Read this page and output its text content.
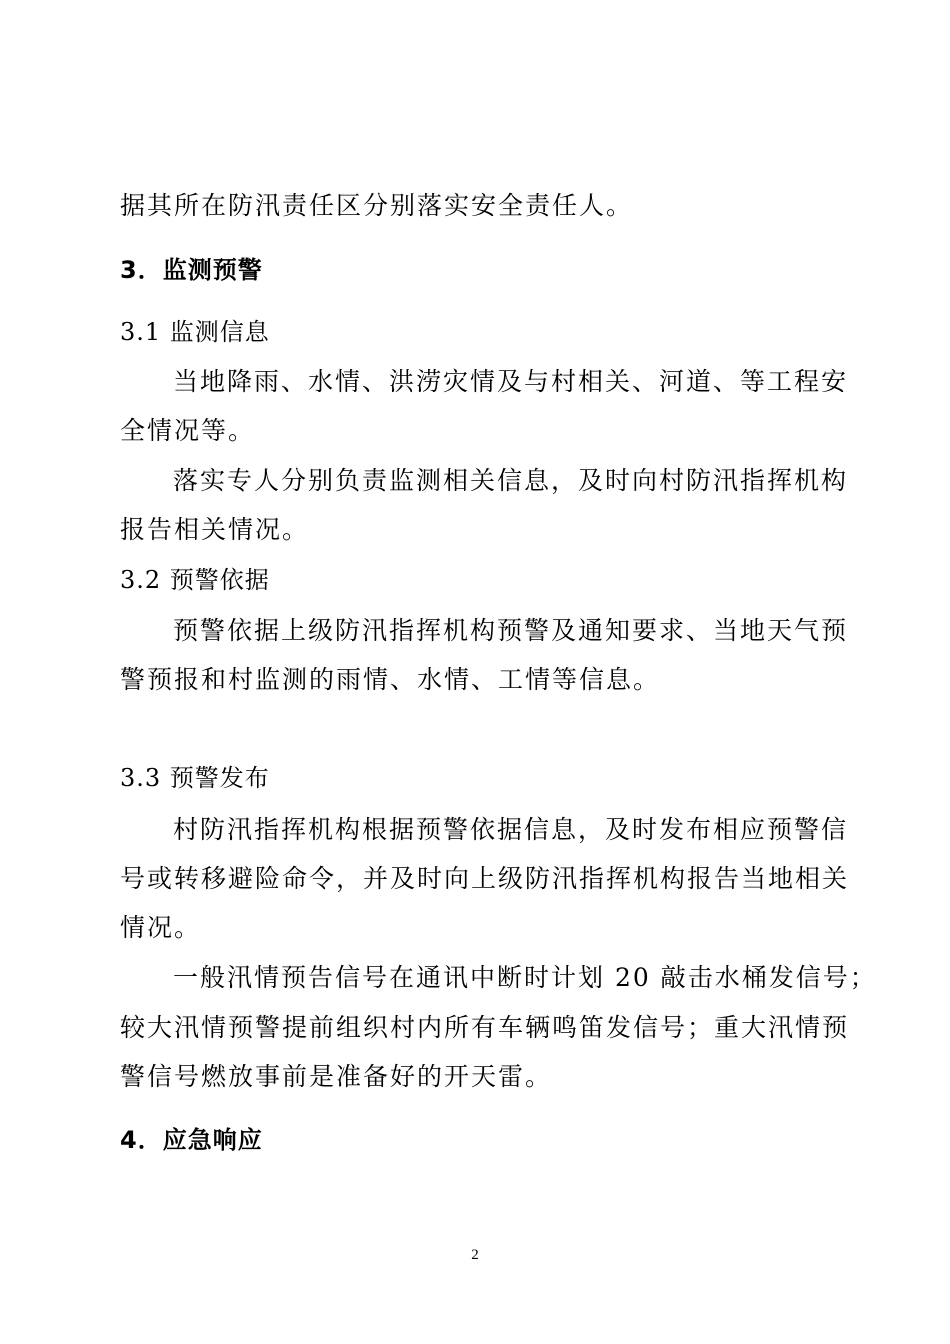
据其所在防汛责任区分别落实安全责任人。
3．监测预警
3.1 监测信息
当地降雨、水情、洪涝灾情及与村相关、河道、等工程安
全情况等。
落实专人分别负责监测相关信息，及时向村防汛指挥机构
报告相关情况。
3.2 预警依据
预警依据上级防汛指挥机构预警及通知要求、当地天气预
警预报和村监测的雨情、水情、工情等信息。
3.3 预警发布
村防汛指挥机构根据预警依据信息，及时发布相应预警信
号或转移避险命令，并及时向上级防汛指挥机构报告当地相关
情况。
一般汛情预告信号在通讯中断时计划 20 敲击水桶发信号；
较大汛情预警提前组织村内所有车辆鸣笛发信号；重大汛情预
警信号燃放事前是准备好的开天雷。
4．应急响应
2
